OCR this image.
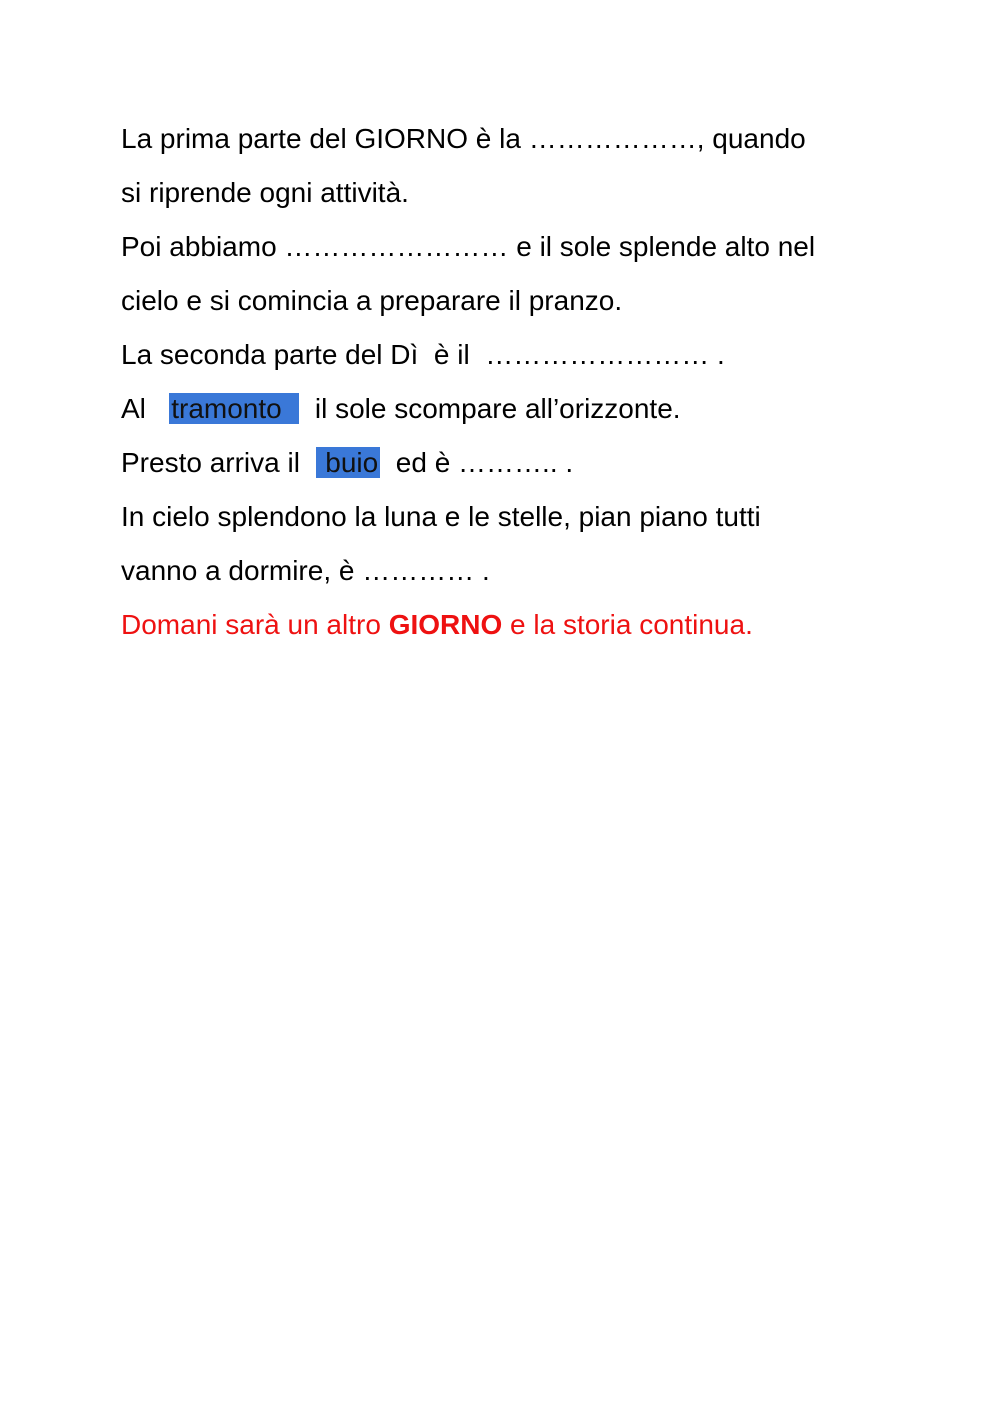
La prima parte del GIORNO è la ………………, quando
si riprende ogni attività.
Poi abbiamo …………………… e il sole splende alto nel
cielo e si comincia a preparare il pranzo.
La seconda parte del Dì  è il  …………………… .
Al   tramonto    il sole scompare all’orizzonte.
Presto arriva il   buio  ed è ……….. .
In cielo splendono la luna e le stelle, pian piano tutti
vanno a dormire, è ………… .
Domani sarà un altro GIORNO e la storia continua.
